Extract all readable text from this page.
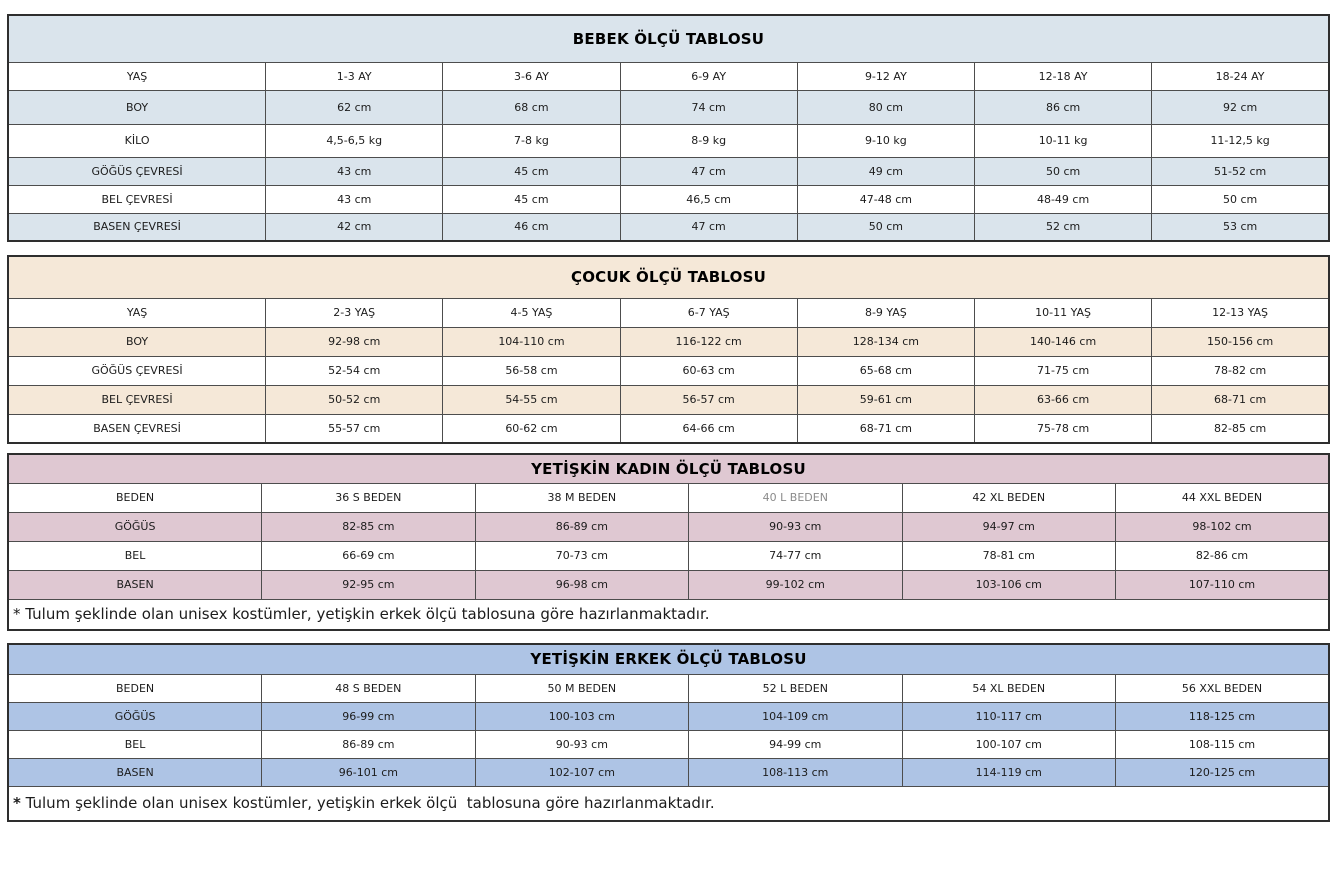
BEBEK ÖLÇÜ TABLOSU						
YAŞ	1-3 AY	3-6 AY	6-9 AY	9-12 AY	12-18 AY	18-24 AY
BOY	62 cm	68 cm	74 cm	80 cm	86 cm	92 cm
KİLO	4,5-6,5 kg	7-8 kg	8-9 kg	9-10 kg	10-11 kg	11-12,5 kg
GÖĞÜS ÇEVRESİ	43 cm	45 cm	47 cm	49 cm	50 cm	51-52 cm
BEL ÇEVRESİ	43 cm	45 cm	46,5 cm	47-48 cm	48-49 cm	50 cm
BASEN ÇEVRESİ	42 cm	46 cm	47 cm	50 cm	52 cm	53 cm
ÇOCUK ÖLÇÜ TABLOSU						
YAŞ	2-3 YAŞ	4-5 YAŞ	6-7 YAŞ	8-9 YAŞ	10-11 YAŞ	12-13 YAŞ
BOY	92-98 cm	104-110 cm	116-122 cm	128-134 cm	140-146 cm	150-156 cm
GÖĞÜS ÇEVRESİ	52-54 cm	56-58 cm	60-63 cm	65-68 cm	71-75 cm	78-82 cm
BEL ÇEVRESİ	50-52 cm	54-55 cm	56-57 cm	59-61 cm	63-66 cm	68-71 cm
BASEN ÇEVRESİ	55-57 cm	60-62 cm	64-66 cm	68-71 cm	75-78 cm	82-85 cm
YETİŞKİN KADIN ÖLÇÜ TABLOSU					
BEDEN	36 S BEDEN	38 M BEDEN	40 L BEDEN	42 XL BEDEN	44 XXL BEDEN
GÖĞÜS	82-85 cm	86-89 cm	90-93 cm	94-97 cm	98-102 cm
BEL	66-69 cm	70-73 cm	74-77 cm	78-81 cm	82-86 cm
BASEN	92-95 cm	96-98 cm	99-102 cm	103-106 cm	107-110 cm
* Tulum şeklinde olan unisex kostümler, yetişkin erkek ölçü tablosuna göre hazırlanmaktadır.					
YETİŞKİN ERKEK ÖLÇÜ TABLOSU					
BEDEN	48 S BEDEN	50 M BEDEN	52 L BEDEN	54 XL BEDEN	56 XXL BEDEN
GÖĞÜS	96-99 cm	100-103 cm	104-109 cm	110-117 cm	118-125 cm
BEL	86-89 cm	90-93 cm	94-99 cm	100-107 cm	108-115 cm
BASEN	96-101 cm	102-107 cm	108-113 cm	114-119 cm	120-125 cm
* Tulum şeklinde olan unisex kostümler, yetişkin erkek ölçü  tablosuna göre hazırlanmaktadır.					
